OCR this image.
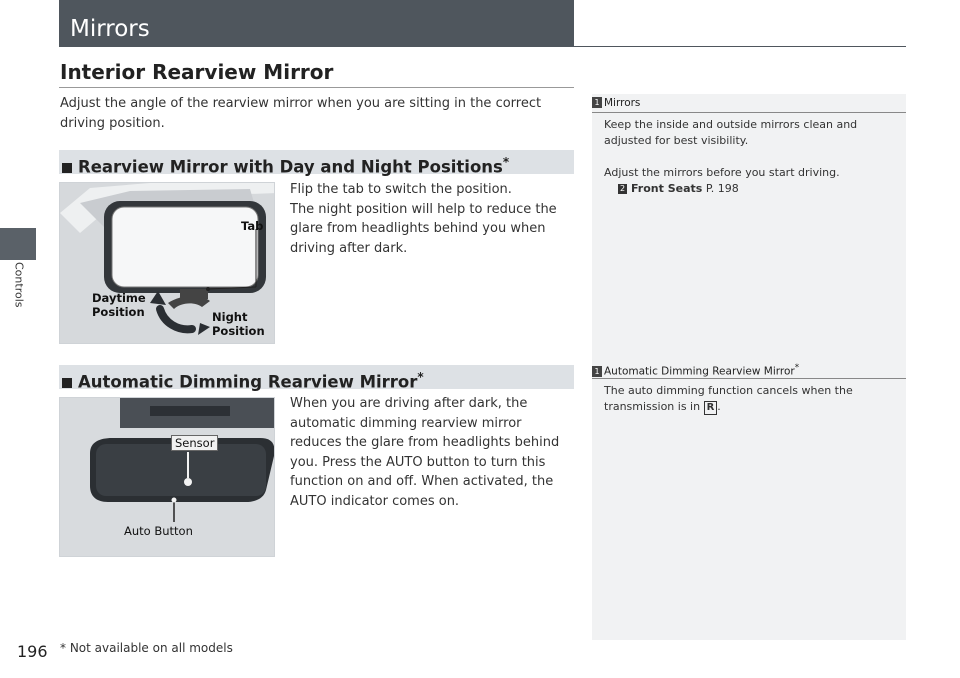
Controls
Mirrors
Interior Rearview Mirror
Adjust the angle of the rearview mirror when you are sitting in the correct driving position.
Rearview Mirror with Day and Night Positions*
Tab
Daytime
Position	Night
Position
Flip the tab to switch the position.
The night position will help to reduce the glare from headlights behind you when driving after dark.
Automatic Dimming Rearview Mirror*
Sensor
Auto Button
When you are driving after dark, the automatic dimming rearview mirror reduces the glare from headlights behind you. Press the AUTO button to turn this function on and off. When activated, the AUTO indicator comes on.
1 Mirrors
Keep the inside and outside mirrors clean and adjusted for best visibility.
Adjust the mirrors before you start driving.
2 Front Seats P. 198
1 Automatic Dimming Rearview Mirror*
The auto dimming function cancels when the transmission is in R .
196 * Not available on all models
